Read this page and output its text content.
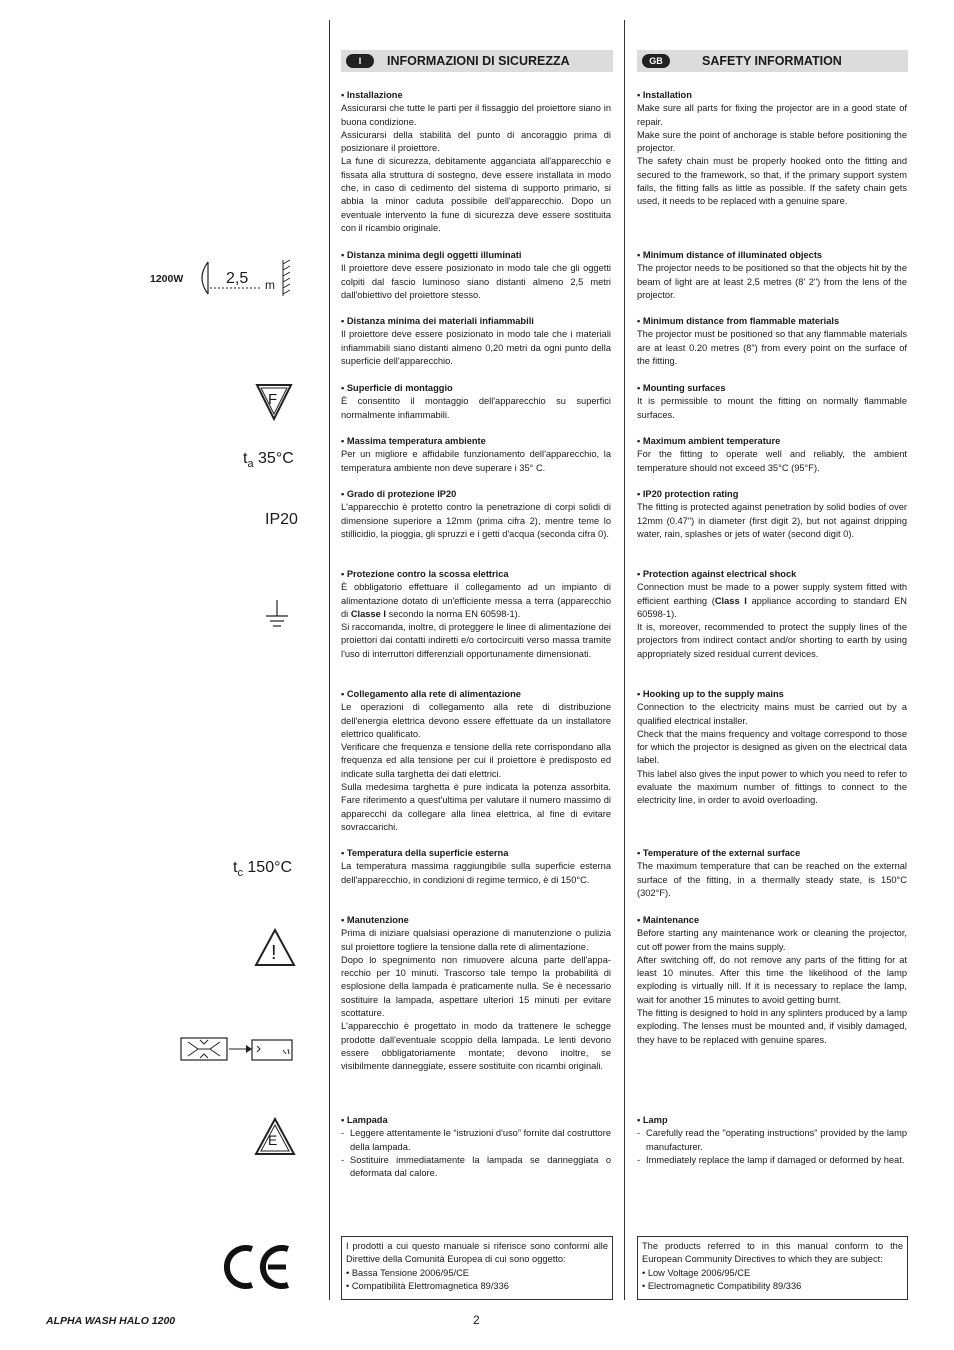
I	INFORMAZIONI DI SICUREZZA	GB	SAFETY INFORMATION
1200W	2,5 m
F
$t_a$ 35°C
IP20
$t_c$ 150°C
!
E
• Installazione

Assicurarsi che tutte le parti per il fissaggio del proiettore siano in buona condizione.

Assicurarsi della stabilità del punto di ancoraggio prima di posizionare il proiettore.

La fune di sicurezza, debitamente agganciata all'apparecchio e fissata alla struttura di sostegno, deve essere installata in modo che, in caso di cedimento del sistema di supporto primario, si abbia la minor caduta possibile dell'apparecchio. Dopo un eventuale intervento la fune di sicurezza deve essere sostituita con il ricambio originale.

• Distanza minima degli oggetti illuminati

Il proiettore deve essere posizionato in modo tale che gli oggetti colpiti dal fascio luminoso siano distanti almeno 2,5 metri dall'obiettivo del proiettore stesso.

• Distanza minima dei materiali infiammabili

Il proiettore deve essere posizionato in modo tale che i materiali infiammabili siano distanti almeno 0,20 metri da ogni punto della superficie dell'apparecchio.

• Superficie di montaggio

È consentito il montaggio dell'apparecchio su superfici normalmente infiammabili.

• Massima temperatura ambiente

Per un migliore e affidabile funzionamento dell'apparecchio, la temperatura ambiente non deve superare i 35° C.

• Grado di protezione IP20

L'apparecchio è protetto contro la penetrazione di corpi solidi di dimensione superiore a 12mm (prima cifra 2), mentre teme lo stillicidio, la pioggia, gli spruzzi e i getti d'acqua (seconda cifra 0).

• Protezione contro la scossa elettrica

È obbligatorio effettuare il collegamento ad un impianto di alimentazione dotato di un'efficiente messa a terra (apparecchio di Classe I secondo la norma EN 60598-1).

Si raccomanda, inoltre, di proteggere le linee di alimentazione dei proiettori dai contatti indiretti e/o cortocircuiti verso massa tramite l'uso di interruttori differenziali opportunamente dimensionati.

• Collegamento alla rete di alimentazione

Le operazioni di collegamento alla rete di distribuzione dell'energia elettrica devono essere effettuate da un installatore elettrico qualificato.

Verificare che frequenza e tensione della rete corrispondano alla frequenza ed alla tensione per cui il proiettore è predisposto ed indicate sulla targhetta dei dati elettrici.

Sulla medesima targhetta è pure indicata la potenza assorbita. Fare riferimento a quest'ultima per valutare il numero massimo di apparecchi da collegare alla linea elettrica, al fine di evitare sovraccarichi.

• Temperatura della superficie esterna

La temperatura massima raggiungibile sulla superficie esterna dell'apparecchio, in condizioni di regime termico, è di 150°C.

• Manutenzione

Prima di iniziare qualsiasi operazione di manutenzione o pulizia sul proiettore togliere la tensione dalla rete di alimentazione.

Dopo lo spegnimento non rimuovere alcuna parte dell'appa-recchio per 10 minuti. Trascorso tale tempo la probabilità di esplosione della lampada è praticamente nulla. Se è necessario sostituire la lampada, aspettare ulteriori 15 minuti per evitare scottature.

L'apparecchio è progettato in modo da trattenere le schegge prodotte dall'eventuale scoppio della lampada. Le lenti devono essere obbligatoriamente montate; devono inoltre, se visibilmente danneggiate, essere sostituite con ricambi originali.

• Lampada
- Leggere attentamente le “istruzioni d'uso” fornite dal costruttore della lampada.
- Sostituire immediatamente la lampada se danneggiata o deformata dal calore.

I prodotti a cui questo manuale si riferisce sono conformi alle Direttive della Comunità Europea di cui sono oggetto:

• Bassa Tensione 2006/95/CE
• Compatibilità Elettromagnetica 89/336
• Installation

Make sure all parts for fixing the projector are in a good state of repair.

Make sure the point of anchorage is stable before positioning the projector.

The safety chain must be properly hooked onto the fitting and secured to the framework, so that, if the primary support system fails, the fitting falls as little as possible. If the safety chain gets used, it needs to be replaced with a genuine spare.

• Minimum distance of illuminated objects

The projector needs to be positioned so that the objects hit by the beam of light are at least 2,5 metres (8' 2") from the lens of the projector.

• Minimum distance from flammable materials

The projector must be positioned so that any flammable materials are at least 0.20 metres (8") from every point on the surface of the fitting.

• Mounting surfaces

It is permissible to mount the fitting on normally flammable surfaces.

• Maximum ambient temperature

For the fitting to operate well and reliably, the ambient temperature should not exceed 35°C (95°F).

• IP20 protection rating

The fitting is protected against penetration by solid bodies of over 12mm (0.47") in diameter (first digit 2), but not against dripping water, rain, splashes or jets of water (second digit 0).

• Protection against electrical shock

Connection must be made to a power supply system fitted with efficient earthing (Class I appliance according to standard EN 60598-1).

It is, moreover, recommended to protect the supply lines of the projectors from indirect contact and/or shorting to earth by using appropriately sized residual current devices.

• Hooking up to the supply mains

Connection to the electricity mains must be carried out by a qualified electrical installer.

Check that the mains frequency and voltage correspond to those for which the projector is designed as given on the electrical data label.

This label also gives the input power to which you need to refer to evaluate the maximum number of fittings to connect to the electricity line, in order to avoid overloading.

• Temperature of the external surface

The maximum temperature that can be reached on the external surface of the fitting, in a thermally steady state, is 150°C (302°F).

• Maintenance

Before starting any maintenance work or cleaning the projector, cut off power from the mains supply.

After switching off, do not remove any parts of the fitting for at least 10 minutes. After this time the likelihood of the lamp exploding is virtually nill. If it is necessary to replace the lamp, wait for another 15 minutes to avoid getting burnt.

The fitting is designed to hold in any splinters produced by a lamp exploding. The lenses must be mounted and, if visibly damaged, they have to be replaced with genuine spares.

• Lamp
- Carefully read the "operating instructions" provided by the lamp manufacturer.
- Immediately replace the lamp if damaged or deformed by heat.

The products referred to in this manual conform to the European Community Directives to which they are subject:

• Low Voltage 2006/95/CE
• Electromagnetic Compatibility 89/336
ALPHA WASH HALO 1200	2
